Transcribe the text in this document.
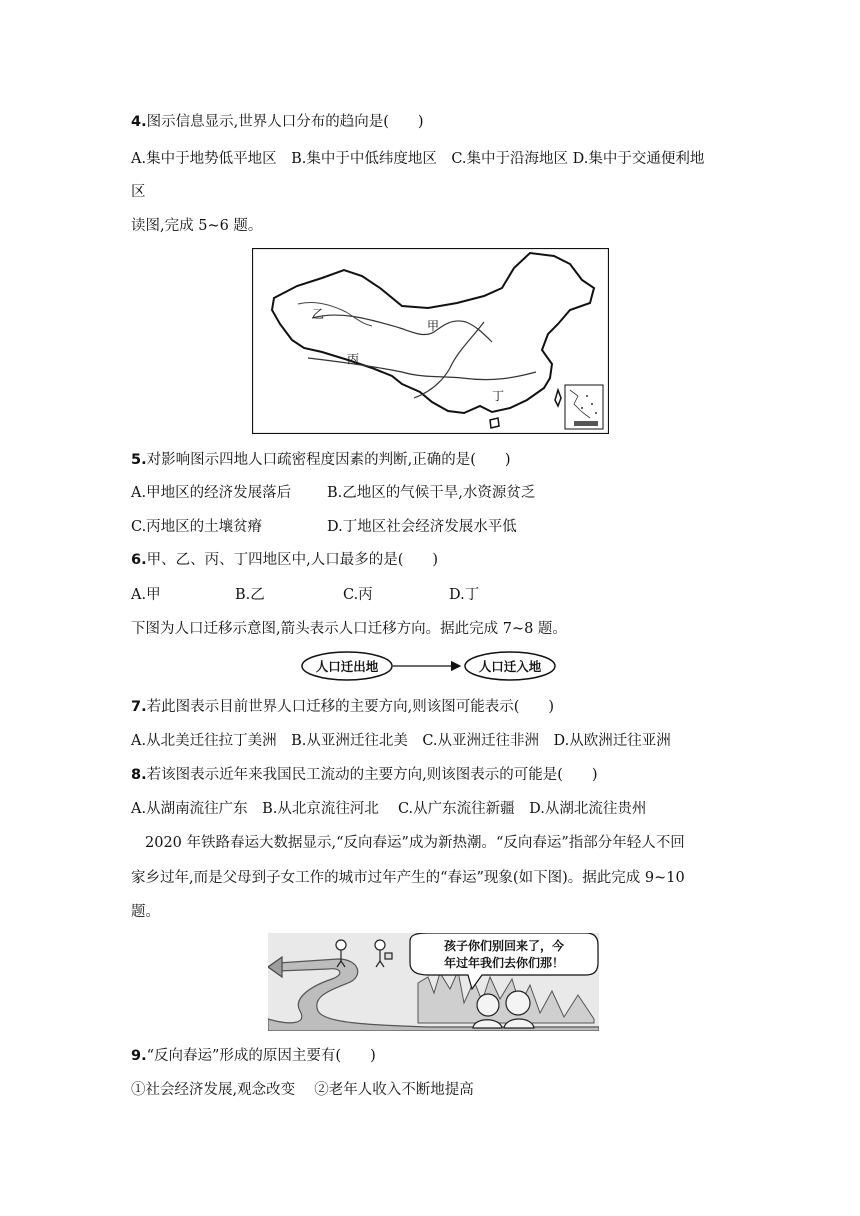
4.图示信息显示,世界人口分布的趋向是(　　)
A.集中于地势低平地区　B.集中于中低纬度地区　C.集中于沿海地区 D.集中于交通便利地
区
读图,完成 5~6 题。
乙
甲
丙
丁
5.对影响图示四地人口疏密程度因素的判断,正确的是(　　)
A.甲地区的经济发展落后 B.乙地区的气候干旱,水资源贫乏
C.丙地区的土壤贫瘠	D.丁地区社会经济发展水平低
6.甲、乙、丙、丁四地区中,人口最多的是(　　)
A.甲	B.乙	C.丙	D.丁
下图为人口迁移示意图,箭头表示人口迁移方向。据此完成 7~8 题。
人口迁出地	人口迁入地
7.若此图表示目前世界人口迁移的主要方向,则该图可能表示(　　)
A.从北美迁往拉丁美洲　B.从亚洲迁往北美　C.从亚洲迁往非洲　D.从欧洲迁往亚洲
8.若该图表示近年来我国民工流动的主要方向,则该图表示的可能是(　　)
A.从湖南流往广东　B.从北京流往河北　 C.从广东流往新疆　D.从湖北流往贵州
2020 年铁路春运大数据显示,“反向春运”成为新热潮。“反向春运”指部分年轻人不回
家乡过年,而是父母到子女工作的城市过年产生的“春运”现象(如下图)。据此完成 9~10
题。
孩子你们别回来了，今
年过年我们去你们那！
9.“反向春运”形成的原因主要有(　　)
①社会经济发展,观念改变　 ②老年人收入不断地提高
